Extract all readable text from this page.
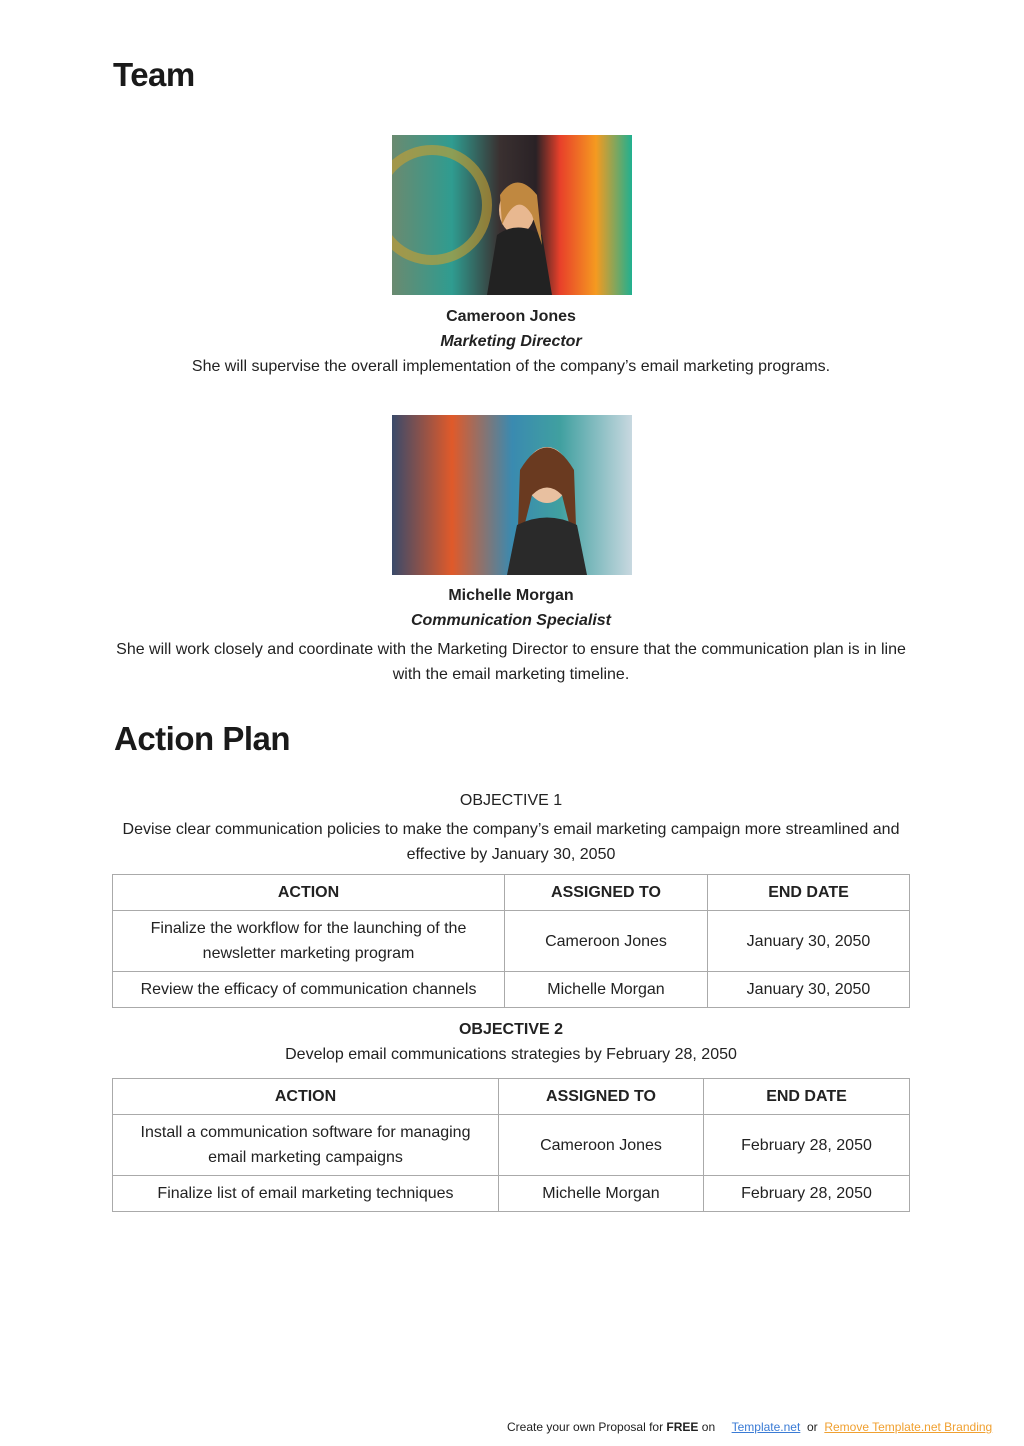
Team
Cameroon Jones
Marketing Director
She will supervise the overall implementation of the company’s email marketing programs.
Michelle Morgan
Communication Specialist
She will work closely and coordinate with the Marketing Director to ensure that the communication plan is in line with the email marketing timeline.
Action Plan
OBJECTIVE 1
Devise clear communication policies to make the company’s email marketing campaign more streamlined and effective by January 30, 2050
ACTION	ASSIGNED TO	END DATE
Finalize the workflow for the launching of the newsletter marketing program	Cameroon Jones	January 30, 2050
Review the efficacy of communication channels	Michelle Morgan	January 30, 2050
OBJECTIVE 2
Develop email communications strategies by February 28, 2050
ACTION	ASSIGNED TO	END DATE
Install a communication software for managing email marketing campaigns	Cameroon Jones	February 28, 2050
Finalize list of email marketing techniques	Michelle Morgan	February 28, 2050
Create your own Proposal for FREE on Template.net or Remove Template.net Branding
